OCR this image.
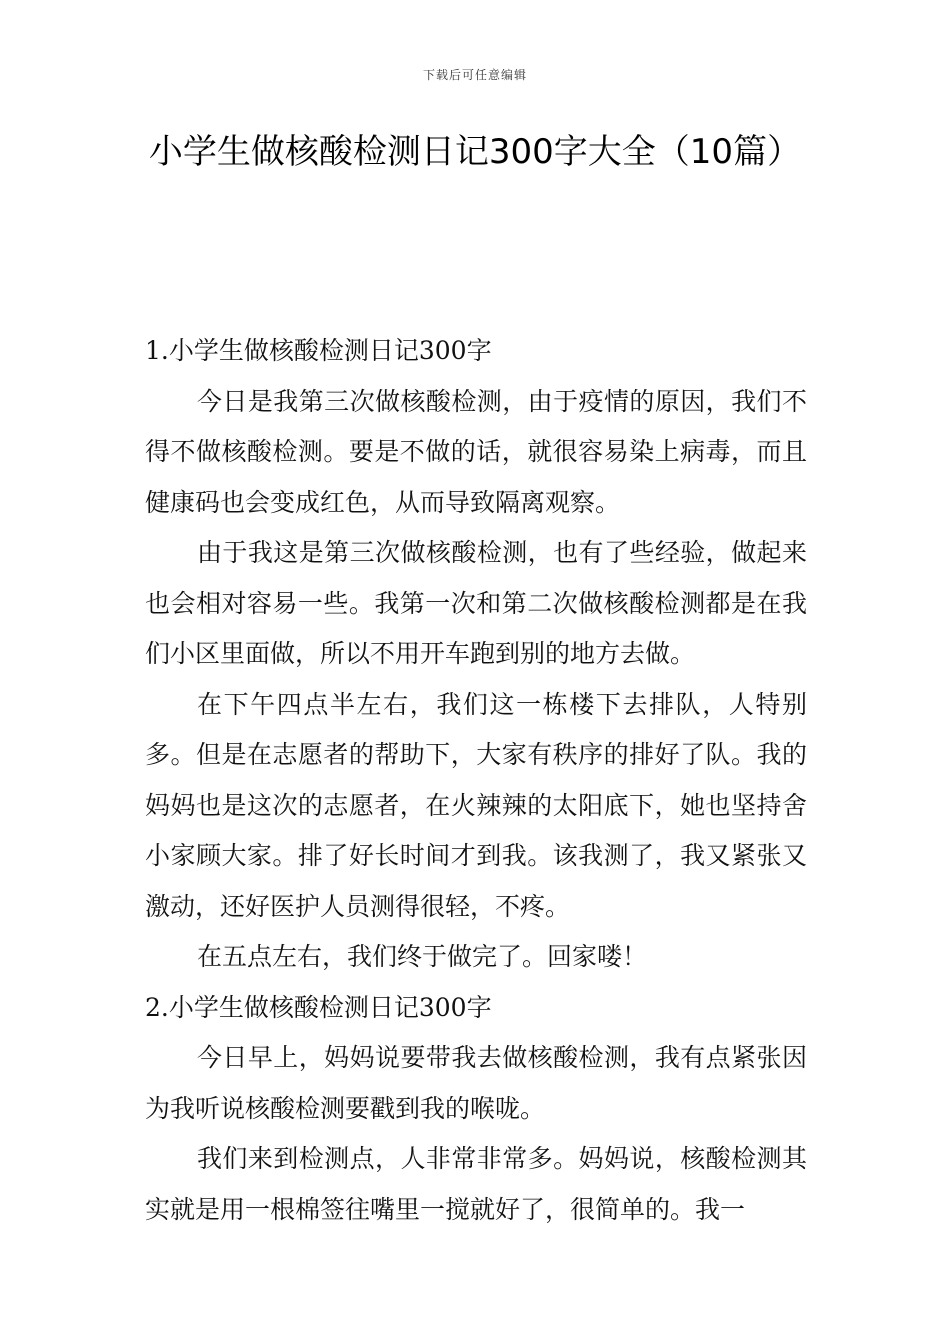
下载后可任意编辑
小学生做核酸检测日记300字大全（10篇）

1.小学生做核酸检测日记300字

今日是我第三次做核酸检测，由于疫情的原因，我们不得不做核酸检测。要是不做的话，就很容易染上病毒，而且健康码也会变成红色，从而导致隔离观察。

由于我这是第三次做核酸检测，也有了些经验，做起来也会相对容易一些。我第一次和第二次做核酸检测都是在我们小区里面做，所以不用开车跑到别的地方去做。

在下午四点半左右，我们这一栋楼下去排队，人特别多。但是在志愿者的帮助下，大家有秩序的排好了队。我的妈妈也是这次的志愿者，在火辣辣的太阳底下，她也坚持舍小家顾大家。排了好长时间才到我。该我测了，我又紧张又激动，还好医护人员测得很轻，不疼。

在五点左右，我们终于做完了。回家喽！

2.小学生做核酸检测日记300字

今日早上，妈妈说要带我去做核酸检测，我有点紧张因为我听说核酸检测要戳到我的喉咙。

我们来到检测点，人非常非常多。妈妈说，核酸检测其实就是用一根棉签往嘴里一搅就好了，很简单的。我一
